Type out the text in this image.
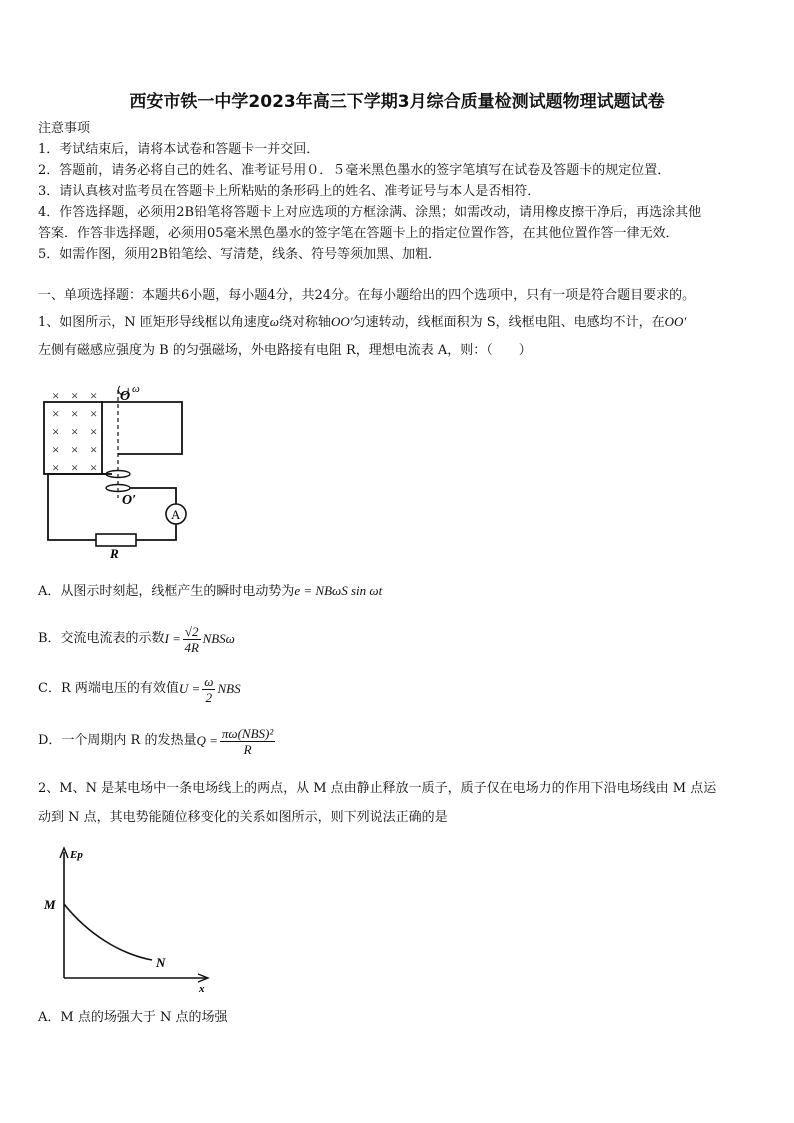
西安市铁一中学2023年高三下学期3月综合质量检测试题物理试题试卷
注意事项
1．考试结束后，请将本试卷和答题卡一并交回．
2．答题前，请务必将自己的姓名、准考证号用０．５毫米黑色墨水的签字笔填写在试卷及答题卡的规定位置．
3．请认真核对监考员在答题卡上所粘贴的条形码上的姓名、准考证号与本人是否相符．
4．作答选择题，必须用2B铅笔将答题卡上对应选项的方框涂满、涂黑；如需改动，请用橡皮擦干净后，再选涂其他
答案．作答非选择题，必须用05毫米黑色墨水的签字笔在答题卡上的指定位置作答，在其他位置作答一律无效．
5．如需作图，须用2B铅笔绘、写清楚，线条、符号等须加黑、加粗．
一、单项选择题：本题共6小题，每小题4分，共24分。在每小题给出的四个选项中，只有一项是符合题目要求的。
1、如图所示，N 匝矩形导线框以角速度ω绕对称轴OO′匀速转动，线框面积为 S，线框电阻、电感均不计，在OO′
左侧有磁感应强度为 B 的匀强磁场，外电路接有电阻 R，理想电流表 A，则：（　　）
× × ×
× × ×
× × ×
× × ×
× × ×
O ω
O′
A
R
A．从图示时刻起，线框产生的瞬时电动势为e = NBωS sin ωt
B．交流电流表的示数 $I = \frac{√2}{4R}$ NBSω
C．R 两端电压的有效值 $U = \frac{\omega}{2}$ NBS
D．一个周期内 R 的发热量 $Q = \frac{\text{πω(NBS)²}}{R}$
2、M、N 是某电场中一条电场线上的两点，从 M 点由静止释放一质子，质子仅在电场力的作用下沿电场线由 M 点运
动到 N 点，其电势能随位移变化的关系如图所示，则下列说法正确的是
Ep
x
M
N
A．M 点的场强大于 N 点的场强
